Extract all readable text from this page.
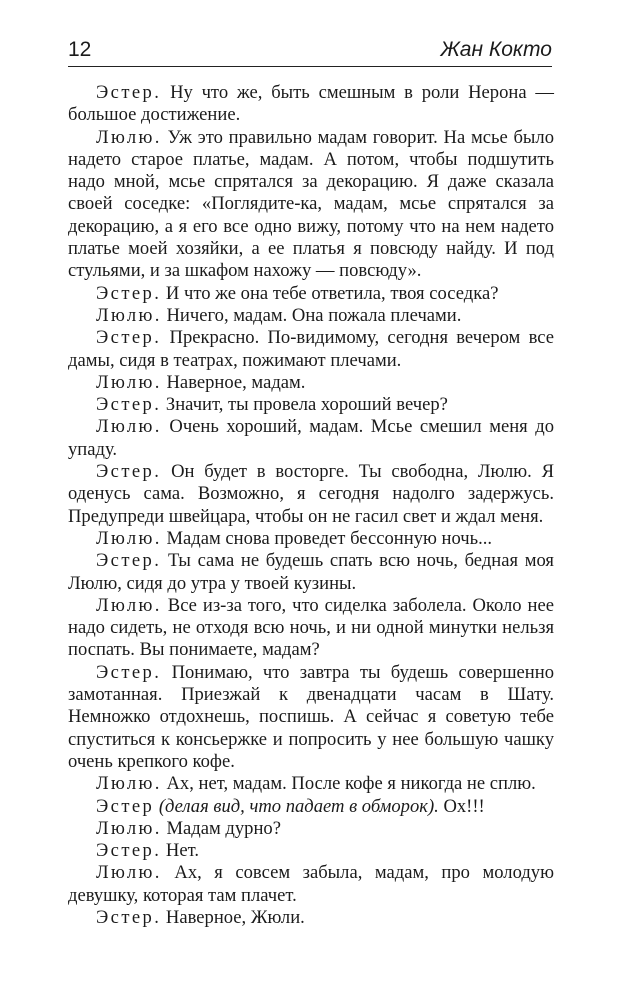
12	Жан Кокто

Эстер. Ну что же, быть смешным в роли Нерона — большое достижение.

Люлю. Уж это правильно мадам говорит. На мсье было надето старое платье, мадам. А потом, чтобы подшутить надо мной, мсье спрятался за декорацию. Я даже сказала своей соседке: «Поглядите-ка, мадам, мсье спрятался за декорацию, а я его все одно вижу, потому что на нем надето платье моей хозяйки, а ее платья я повсюду найду. И под стульями, и за шкафом нахожу — повсюду».

Эстер. И что же она тебе ответила, твоя соседка?

Люлю. Ничего, мадам. Она пожала плечами.

Эстер. Прекрасно. По-видимому, сегодня вечером все дамы, сидя в театрах, пожимают плечами.

Люлю. Наверное, мадам.

Эстер. Значит, ты провела хороший вечер?

Люлю. Очень хороший, мадам. Мсье смешил меня до упаду.

Эстер. Он будет в восторге. Ты свободна, Люлю. Я оденусь сама. Возможно, я сегодня надолго задержусь. Предупреди швейцара, чтобы он не гасил свет и ждал меня.

Люлю. Мадам снова проведет бессонную ночь...

Эстер. Ты сама не будешь спать всю ночь, бедная моя Люлю, сидя до утра у твоей кузины.

Люлю. Все из-за того, что сиделка заболела. Около нее надо сидеть, не отходя всю ночь, и ни одной минутки нельзя поспать. Вы понимаете, мадам?

Эстер. Понимаю, что завтра ты будешь совершенно замотанная. Приезжай к двенадцати часам в Шату. Немножко отдохнешь, поспишь. А сейчас я советую тебе спуститься к консьержке и попросить у нее большую чашку очень крепкого кофе.

Люлю. Ах, нет, мадам. После кофе я никогда не сплю.

Эстер (делая вид, что падает в обморок). Ох!!!

Люлю. Мадам дурно?

Эстер. Нет.

Люлю. Ах, я совсем забыла, мадам, про молодую девушку, которая там плачет.

Эстер. Наверное, Жюли.
